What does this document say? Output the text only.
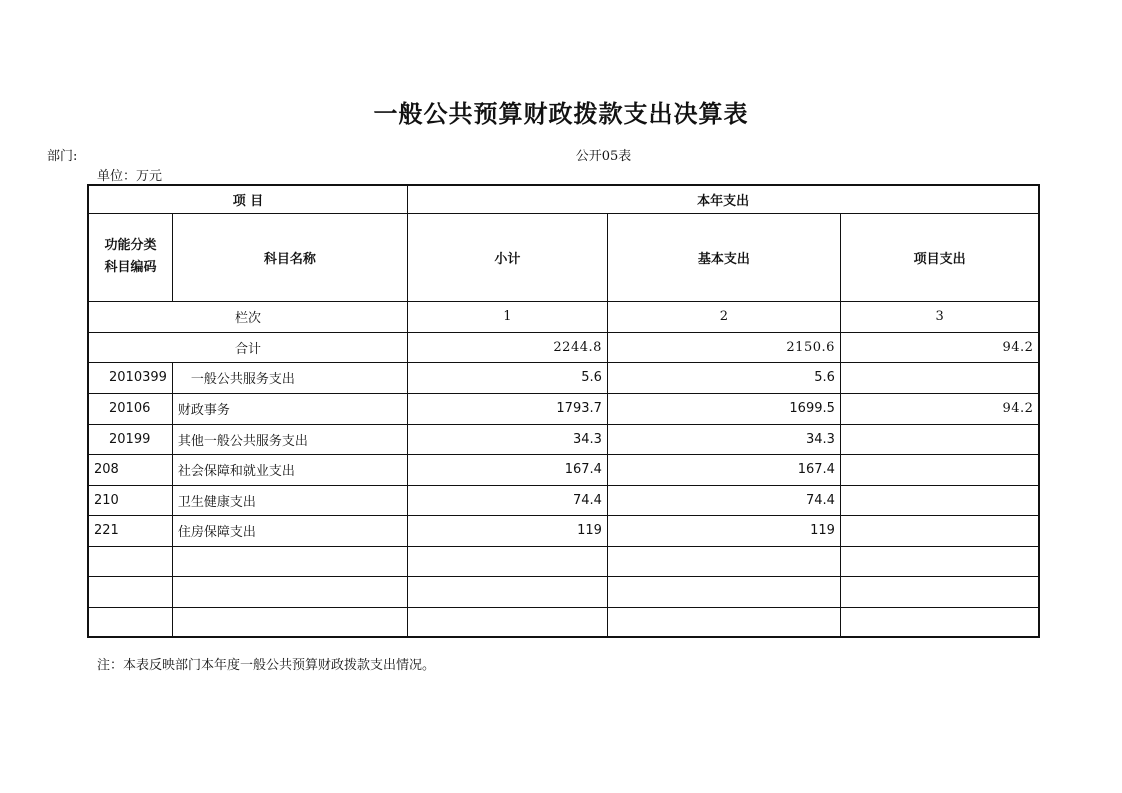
一般公共预算财政拨款支出决算表
部门:	公开05表
单位：万元
项 目		本年支出		

功能分类
科目编码	科目名称	小计	基本支出	项目支出
栏次		1	2	3
合计		2244.8	2150.6	94.2
2010399	一般公共服务支出	5.6	5.6	
20106	财政事务	1793.7	1699.5	94.2
20199	其他一般公共服务支出	34.3	34.3	
208	社会保障和就业支出	167.4	167.4	
210	卫生健康支出	74.4	74.4	
221	住房保障支出	119	119	

注：本表反映部门本年度一般公共预算财政拨款支出情况。
